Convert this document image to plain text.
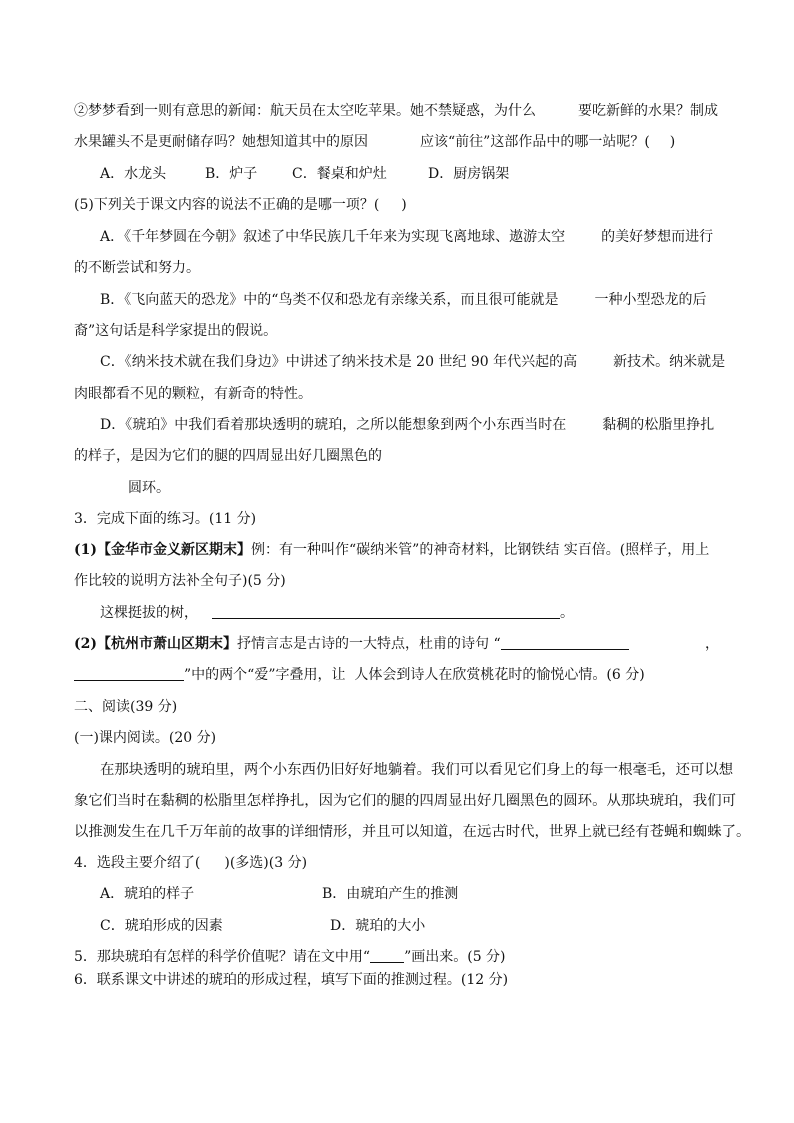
②梦梦看到一则有意思的新闻：航天员在太空吃苹果。她不禁疑惑，为什么	要吃新鲜的水果？制成
水果罐头不是更耐储存吗？她想知道其中的原因	应该“前往”这部作品中的哪一站呢？( )
A．水龙头	B．炉子 C．餐桌和炉灶	D．厨房锅架
(5)下列关于课文内容的说法不正确的是哪一项？( )
A．《千年梦圆在今朝》叙述了中华民族几千年来为实现飞离地球、遨游太空	的美好梦想而进行
的不断尝试和努力。
B．《飞向蓝天的恐龙》中的“鸟类不仅和恐龙有亲缘关系，而且很可能就是	一种小型恐龙的后
裔”这句话是科学家提出的假说。
C．《纳米技术就在我们身边》中讲述了纳米技术是 20 世纪 90 年代兴起的高	新技术。纳米就是
肉眼都看不见的颗粒，有新奇的特性。
D．《琥珀》中我们看着那块透明的琥珀，之所以能想象到两个小东西当时在	黏稠的松脂里挣扎
的样子，是因为它们的腿的四周显出好几圈黑色的
圆环。
3．完成下面的练习。(11 分)
(1)【金华市金义新区期末】例：有一种叫作“碳纳米管”的神奇材料，比钢铁结 实百倍。(照样子，用上
作比较的说明方法补全句子)(5 分)
这棵挺拔的树，	。
(2)【杭州市萧山区期末】抒情言志是古诗的一大特点，杜甫的诗句 “	，
”中的两个“爱”字叠用，让  人体会到诗人在欣赏桃花时的愉悦心情。(6 分)
二、阅读(39 分)
(一)课内阅读。(20 分)
在那块透明的琥珀里，两个小东西仍旧好好地躺着。我们可以看见它们身上的每一根毫毛，还可以想
象它们当时在黏稠的松脂里怎样挣扎，因为它们的腿的四周显出好几圈黑色的圆环。从那块琥珀，我们可
以推测发生在几千万年前的故事的详细情形，并且可以知道，在远古时代，世界上就已经有苍蝇和蜘蛛了。
4．选段主要介绍了( )(多选)(3 分)
A．琥珀的样子	B．由琥珀产生的推测
C．琥珀形成的因素	D．琥珀的大小
5．那块琥珀有怎样的科学价值呢？请在文中用“ ”画出来。(5 分)
6．联系课文中讲述的琥珀的形成过程，填写下面的推测过程。(12 分)
